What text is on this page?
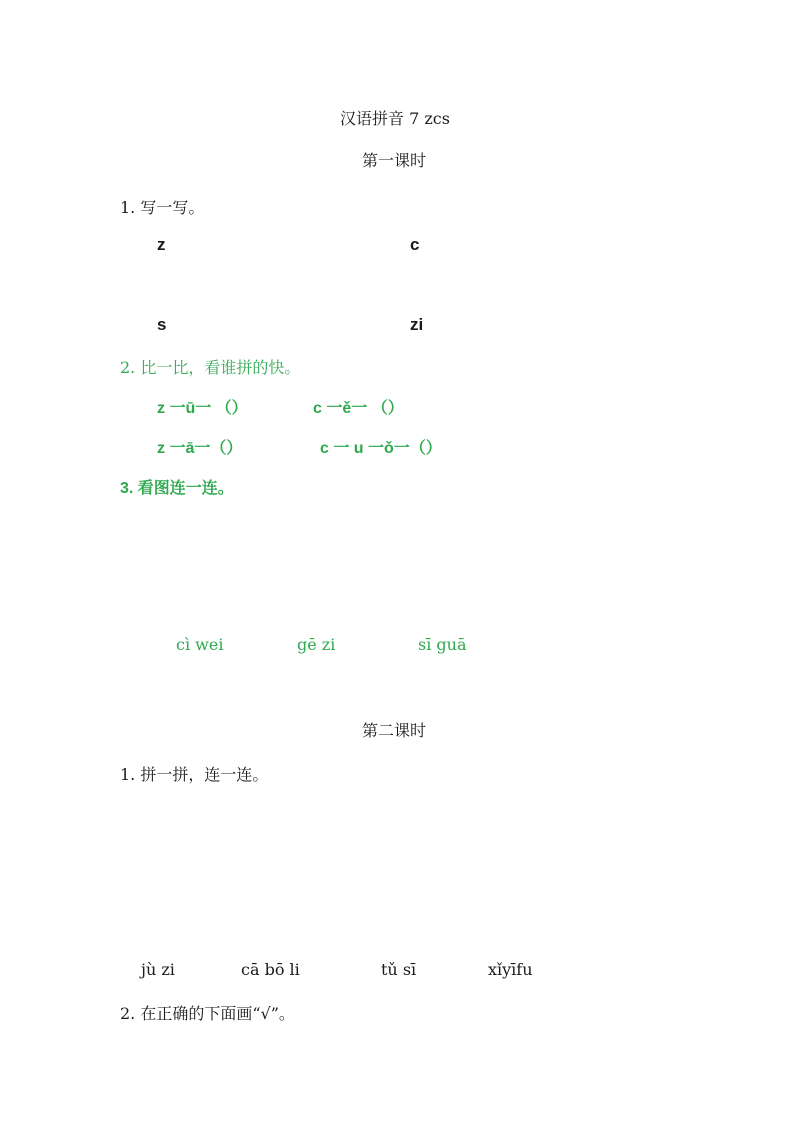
汉语拼音 7 zcs
第一课时
1. 写一写。
z	c
s	zi
2. 比一比，看谁拼的快。
z 一ū一 （）	c 一ě一 （）
z 一ā一（）	c 一 u 一ǒ一（）
3. 看图连一连。
cì wei	gē zi	sī guā
第二课时
1. 拼一拼，连一连。
jù zi	cā bō li	tǔ sī	xǐyīfu
2. 在正确的下面画“√”。
